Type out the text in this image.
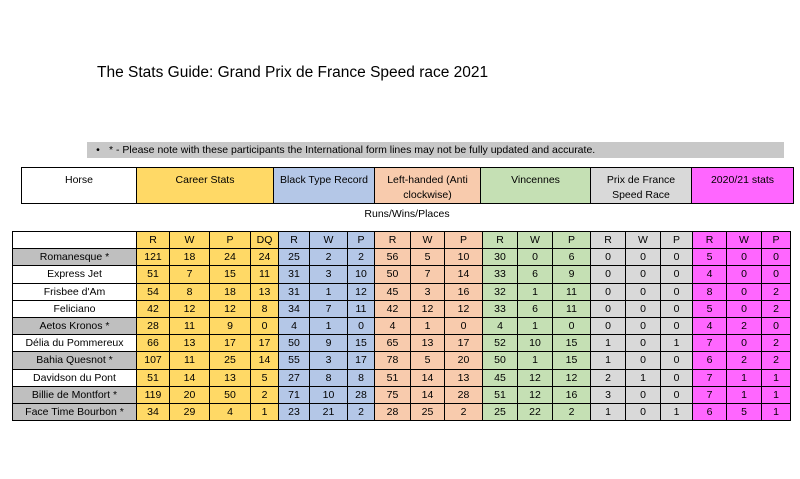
The Stats Guide: Grand Prix de France Speed race 2021
• * - Please note with these participants the International form lines may not be fully updated and accurate.
Horse	Career Stats	Black Type Record	Left-handed (Anti clockwise)	Vincennes	Prix de France Speed Race	2020/21 stats
Runs/Wins/Places
	R	W	P	DQ	R	W	P	R	W	P	R	W	P	R	W	P	R	W	P
Romanesque *	121	18	24	24	25	2	2	56	5	10	30	0	6	0	0	0	5	0	0
Express Jet	51	7	15	11	31	3	10	50	7	14	33	6	9	0	0	0	4	0	0
Frisbee d'Am	54	8	18	13	31	1	12	45	3	16	32	1	11	0	0	0	8	0	2
Feliciano	42	12	12	8	34	7	11	42	12	12	33	6	11	0	0	0	5	0	2
Aetos Kronos *	28	11	9	0	4	1	0	4	1	0	4	1	0	0	0	0	4	2	0
Délia du Pommereux	66	13	17	17	50	9	15	65	13	17	52	10	15	1	0	1	7	0	2
Bahia Quesnot *	107	11	25	14	55	3	17	78	5	20	50	1	15	1	0	0	6	2	2
Davidson du Pont	51	14	13	5	27	8	8	51	14	13	45	12	12	2	1	0	7	1	1
Billie de Montfort *	119	20	50	2	71	10	28	75	14	28	51	12	16	3	0	0	7	1	1
Face Time Bourbon *	34	29	4	1	23	21	2	28	25	2	25	22	2	1	0	1	6	5	1
